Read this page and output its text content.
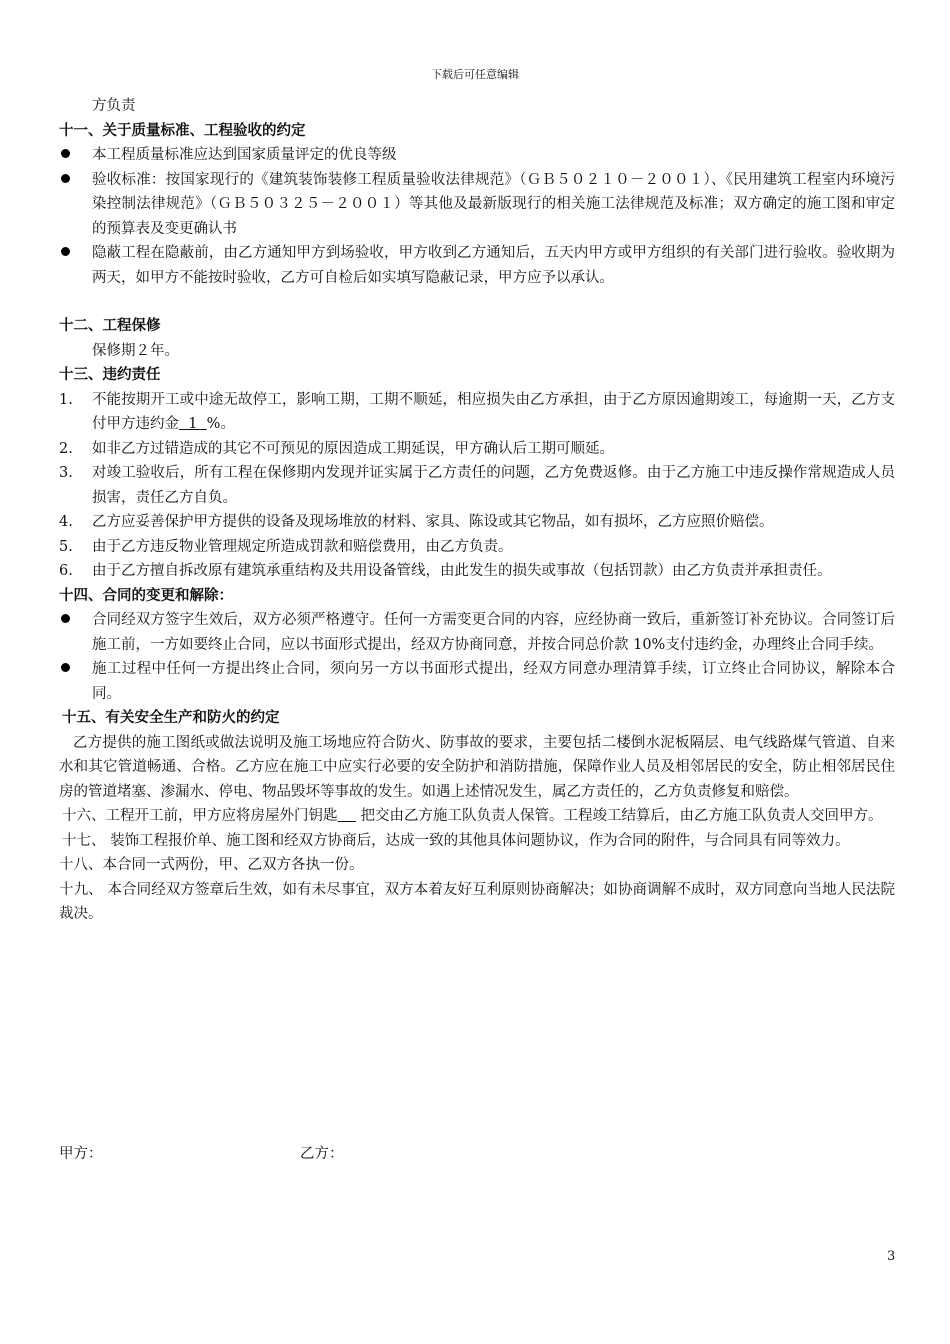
下载后可任意编辑
方负责
十一、关于质量标准、工程验收的约定
本工程质量标准应达到国家质量评定的优良等级
验收标准：按国家现行的《建筑装饰装修工程质量验收法律规范》（ＧＢ５０２１０－２００１）、《民用建筑工程室内环境污染控制法律规范》（ＧＢ５０３２５－２００１）等其他及最新版现行的相关施工法律规范及标准；双方确定的施工图和审定的预算表及变更确认书
隐蔽工程在隐蔽前，由乙方通知甲方到场验收，甲方收到乙方通知后，五天内甲方或甲方组织的有关部门进行验收。验收期为两天，如甲方不能按时验收，乙方可自检后如实填写隐蔽记录，甲方应予以承认。
十二、工程保修
保修期２年。
十三、违约责任
1.	不能按期开工或中途无故停工，影响工期，工期不顺延，相应损失由乙方承担，由于乙方原因逾期竣工，每逾期一天，乙方支付甲方违约金  1  %。
2.	如非乙方过错造成的其它不可预见的原因造成工期延误，甲方确认后工期可顺延。
3.	对竣工验收后，所有工程在保修期内发现并证实属于乙方责任的问题，乙方免费返修。由于乙方施工中违反操作常规造成人员损害，责任乙方自负。
4.	乙方应妥善保护甲方提供的设备及现场堆放的材料、家具、陈设或其它物品，如有损坏，乙方应照价赔偿。
5.	由于乙方违反物业管理规定所造成罚款和赔偿费用，由乙方负责。
6.	由于乙方擅自拆改原有建筑承重结构及共用设备管线，由此发生的损失或事故（包括罚款）由乙方负责并承担责任。
十四、合同的变更和解除：
合同经双方签字生效后，双方必须严格遵守。任何一方需变更合同的内容，应经协商一致后，重新签订补充协议。合同签订后施工前，一方如要终止合同，应以书面形式提出，经双方协商同意，并按合同总价款 10%支付违约金，办理终止合同手续。
施工过程中任何一方提出终止合同，须向另一方以书面形式提出，经双方同意办理清算手续，订立终止合同协议，解除本合同。
十五、有关安全生产和防火的约定
乙方提供的施工图纸或做法说明及施工场地应符合防火、防事故的要求，主要包括二楼倒水泥板隔层、电气线路煤气管道、自来水和其它管道畅通、合格。乙方应在施工中应实行必要的安全防护和消防措施，保障作业人员及相邻居民的安全，防止相邻居民住房的管道堵塞、渗漏水、停电、物品毁坏等事故的发生。如遇上述情况发生，属乙方责任的，乙方负责修复和赔偿。
十六、工程开工前，甲方应将房屋外门钥匙     把交由乙方施工队负责人保管。工程竣工结算后，由乙方施工队负责人交回甲方。
十七、 装饰工程报价单、施工图和经双方协商后，达成一致的其他具体问题协议，作为合同的附件，与合同具有同等效力。
十八、本合同一式两份，甲、乙双方各执一份。
十九、 本合同经双方签章后生效，如有未尽事宜，双方本着友好互利原则协商解决；如协商调解不成时，双方同意向当地人民法院裁决。
甲方：	乙方：
3
